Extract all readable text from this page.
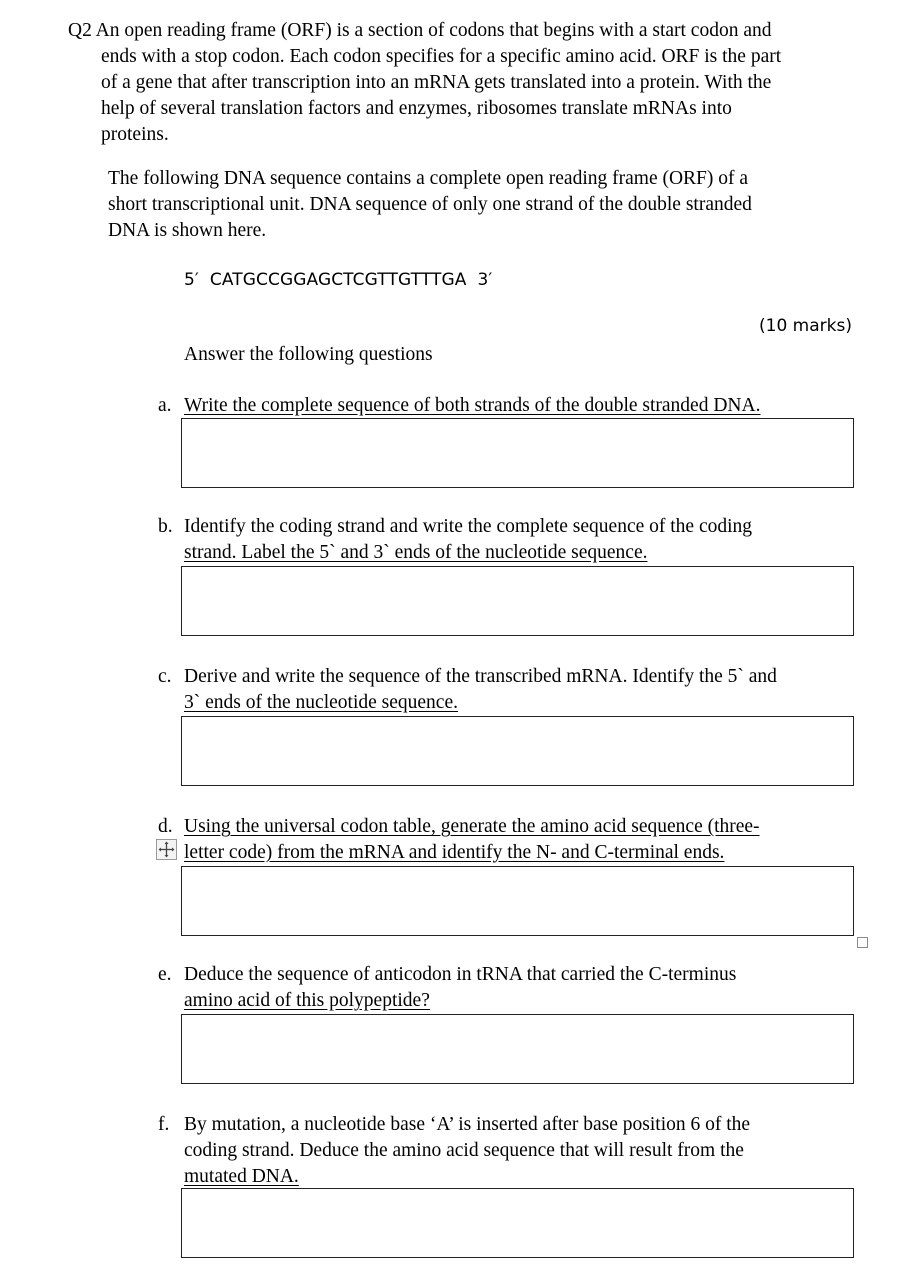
Q2 An open reading frame (ORF) is a section of codons that begins with a start codon and
ends with a stop codon. Each codon specifies for a specific amino acid. ORF is the part
of a gene that after transcription into an mRNA gets translated into a protein. With the
help of several translation factors and enzymes, ribosomes translate mRNAs into
proteins.
The following DNA sequence contains a complete open reading frame (ORF) of a
short transcriptional unit. DNA sequence of only one strand of the double stranded
DNA is shown here.
5′  CATGCCGGAGCTCGTTGTTTGA  3′
(10 marks)
Answer the following questions
a. Write the complete sequence of both strands of the double stranded DNA.
b. Identify the coding strand and write the complete sequence of the coding
strand. Label the 5` and 3` ends of the nucleotide sequence.
c. Derive and write the sequence of the transcribed mRNA. Identify the 5` and
3` ends of the nucleotide sequence.
d. Using the universal codon table, generate the amino acid sequence (three-
letter code) from the mRNA and identify the N- and C-terminal ends.
e. Deduce the sequence of anticodon in tRNA that carried the C-terminus
amino acid of this polypeptide?
f. By mutation, a nucleotide base ‘A’ is inserted after base position 6 of the
coding strand. Deduce the amino acid sequence that will result from the
mutated DNA.
